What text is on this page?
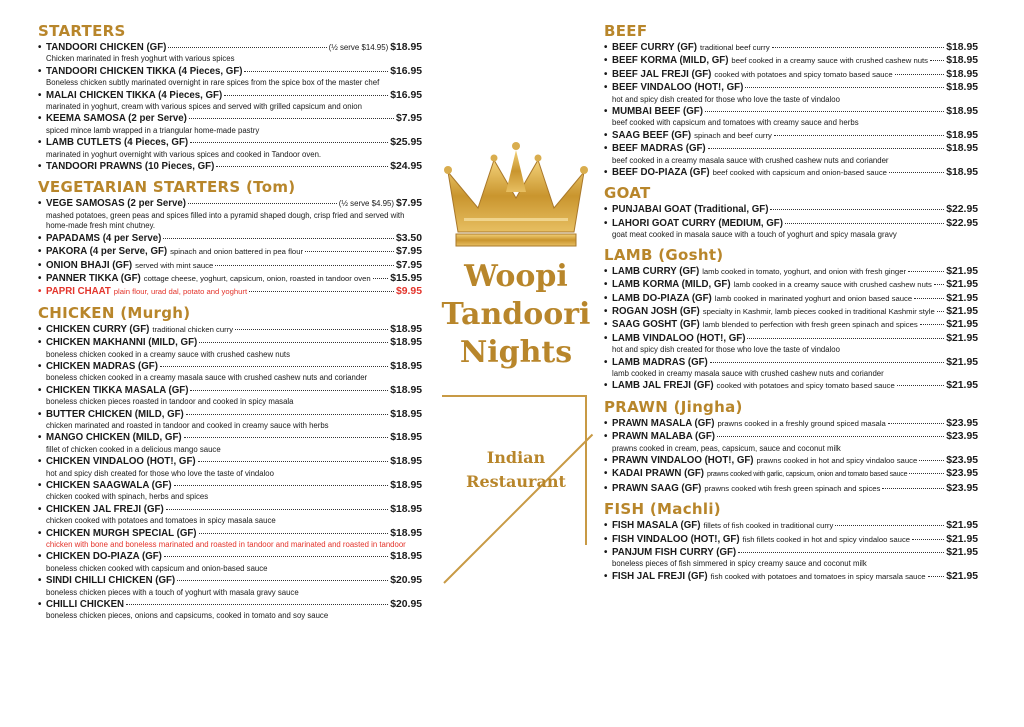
STARTERS
• TANDOORI CHICKEN (GF)	(½ serve $14.95) $18.95
Chicken marinated in fresh yoghurt with various spices
• TANDOORI CHICKEN TIKKA (4 Pieces, GF)	$16.95
Boneless chicken subtly marinated overnight in rare spices from the spice box of the master chef
• MALAI CHICKEN TIKKA (4 Pieces, GF)	$16.95
marinated in yoghurt, cream with various spices and served with grilled capsicum and onion
• KEEMA SAMOSA (2 per Serve)	$7.95
spiced mince lamb wrapped in a triangular home-made pastry
• LAMB CUTLETS (4 Pieces, GF)	$25.95
marinated in yoghurt overnight with various spices and cooked in Tandoor oven.
• TANDOORI PRAWNS (10 Pieces, GF)	$24.95
VEGETARIAN STARTERS (Tom)
• VEGE SAMOSAS (2 per Serve)	(½ serve $4.95) $7.95
mashed potatoes, green peas and spices filled into a pyramid shaped dough, crisp fried and served with home-made fresh mint chutney.
• PAPADAMS (4 per Serve)	$3.50
• PAKORA (4 per Serve, GF) spinach and onion battered in pea flour	$7.95
• ONION BHAJI (GF) served with mint sauce	$7.95
• PANNER TIKKA (GF) cottage cheese, yoghurt, capsicum, onion, roasted in tandoor oven $15.95
• PAPRI CHAAT plain flour, urad dal, potato and yoghurt	$9.95
CHICKEN (Murgh)
• CHICKEN CURRY (GF) traditional chicken curry	$18.95
• CHICKEN MAKHANNI (MILD, GF)	$18.95
boneless chicken cooked in a creamy sauce with crushed cashew nuts
• CHICKEN MADRAS (GF)	$18.95
boneless chicken cooked in a creamy masala sauce with crushed cashew nuts and coriander
• CHICKEN TIKKA MASALA (GF)	$18.95
boneless chicken pieces roasted in tandoor and cooked in spicy masala
• BUTTER CHICKEN (MILD, GF)	$18.95
chicken marinated and roasted in tandoor and cooked in creamy sauce with herbs
• MANGO CHICKEN (MILD, GF)	$18.95
fillet of chicken cooked in a delicious mango sauce
• CHICKEN VINDALOO (HOT!, GF)	$18.95
hot and spicy dish created for those who love the taste of vindaloo
• CHICKEN SAAGWALA (GF)	$18.95
chicken cooked with spinach, herbs and spices
• CHICKEN JAL FREJI (GF)	$18.95
chicken cooked with potatoes and tomatoes in spicy masala sauce
• CHICKEN MURGH SPECIAL (GF)	$18.95
chicken with bone and boneless marinated and roasted in tandoor and marinated and roasted in tandoor
• CHICKEN DO-PIAZA (GF)	$18.95
boneless chicken cooked with capsicum and onion-based sauce
• SINDI CHILLI CHICKEN (GF)	$20.95
boneless chicken pieces with a touch of yoghurt with masala gravy sauce
• CHILLI CHICKEN	$20.95
boneless chicken pieces, onions and capsicums, cooked in tomato and soy sauce
Woopi
Tandoori
Nights
Indian
Restaurant
BEEF
• BEEF CURRY (GF) traditional beef curry	$18.95
• BEEF KORMA (MILD, GF) beef cooked in a creamy sauce with crushed cashew nuts $18.95
• BEEF JAL FREJI (GF) cooked with potatoes and spicy tomato based sauce	$18.95
• BEEF VINDALOO (HOT!, GF)	$18.95
hot and spicy dish created for those who love the taste of vindaloo
• MUMBAI BEEF (GF)	$18.95
beef cooked with capsicum and tomatoes with creamy sauce and herbs
• SAAG BEEF (GF) spinach and beef curry	$18.95
• BEEF MADRAS (GF)	$18.95
beef cooked in a creamy masala sauce with crushed cashew nuts and coriander
• BEEF DO-PIAZA (GF) beef cooked with capsicum and onion-based sauce	$18.95
GOAT
• PUNJABAI GOAT (Traditional, GF)	$22.95
• LAHORI GOAT CURRY (MEDIUM, GF)	$22.95
goat meat cooked in masala sauce with a touch of yoghurt and spicy masala gravy
LAMB (Gosht)
• LAMB CURRY (GF) lamb cooked in tomato, yoghurt, and onion with fresh ginger	$21.95
• LAMB KORMA (MILD, GF) lamb cooked in a creamy sauce with crushed cashew nuts $21.95
• LAMB DO-PIAZA (GF) lamb cooked in marinated yoghurt and onion based sauce	$21.95
• ROGAN JOSH (GF) specialty in Kashmir, lamb pieces cooked in traditional Kashmir style $21.95
• SAAG GOSHT (GF) lamb blended to perfection with fresh green spinach and spices	$21.95
• LAMB VINDALOO (HOT!, GF)	$21.95
hot and spicy dish created for those who love the taste of vindaloo
• LAMB MADRAS (GF)	$21.95
lamb cooked in creamy masala sauce with crushed cashew nuts and coriander
• LAMB JAL FREJI (GF) cooked with potatoes and spicy tomato based sauce	$21.95
PRAWN (Jingha)
• PRAWN MASALA (GF) prawns cooked in a freshly ground spiced masala	$23.95
• PRAWN MALABA (GF)	$23.95
prawns cooked in cream, peas, capsicum, sauce and coconut milk
• PRAWN VINDALOO (HOT!, GF) prawns cooked in hot and spicy vindaloo sauce	$23.95
• KADAI PRAWN (GF) prawns cooked with garlic, capsicum, onion and tomato based sauce	$23.95
• PRAWN SAAG (GF) prawns cooked wtih fresh green spinach and spices	$23.95
FISH (Machli)
• FISH MASALA (GF) fillets of fish cooked in traditional curry	$21.95
• FISH VINDALOO (HOT!, GF) fish fillets cooked in hot and spicy vindaloo sauce	$21.95
• PANJUM FISH CURRY (GF)	$21.95
boneless pieces of fish simmered in spicy creamy sauce and coconut milk
• FISH JAL FREJI (GF) fish cooked with potatoes and tomatoes in spicy marsala sauce $21.95
